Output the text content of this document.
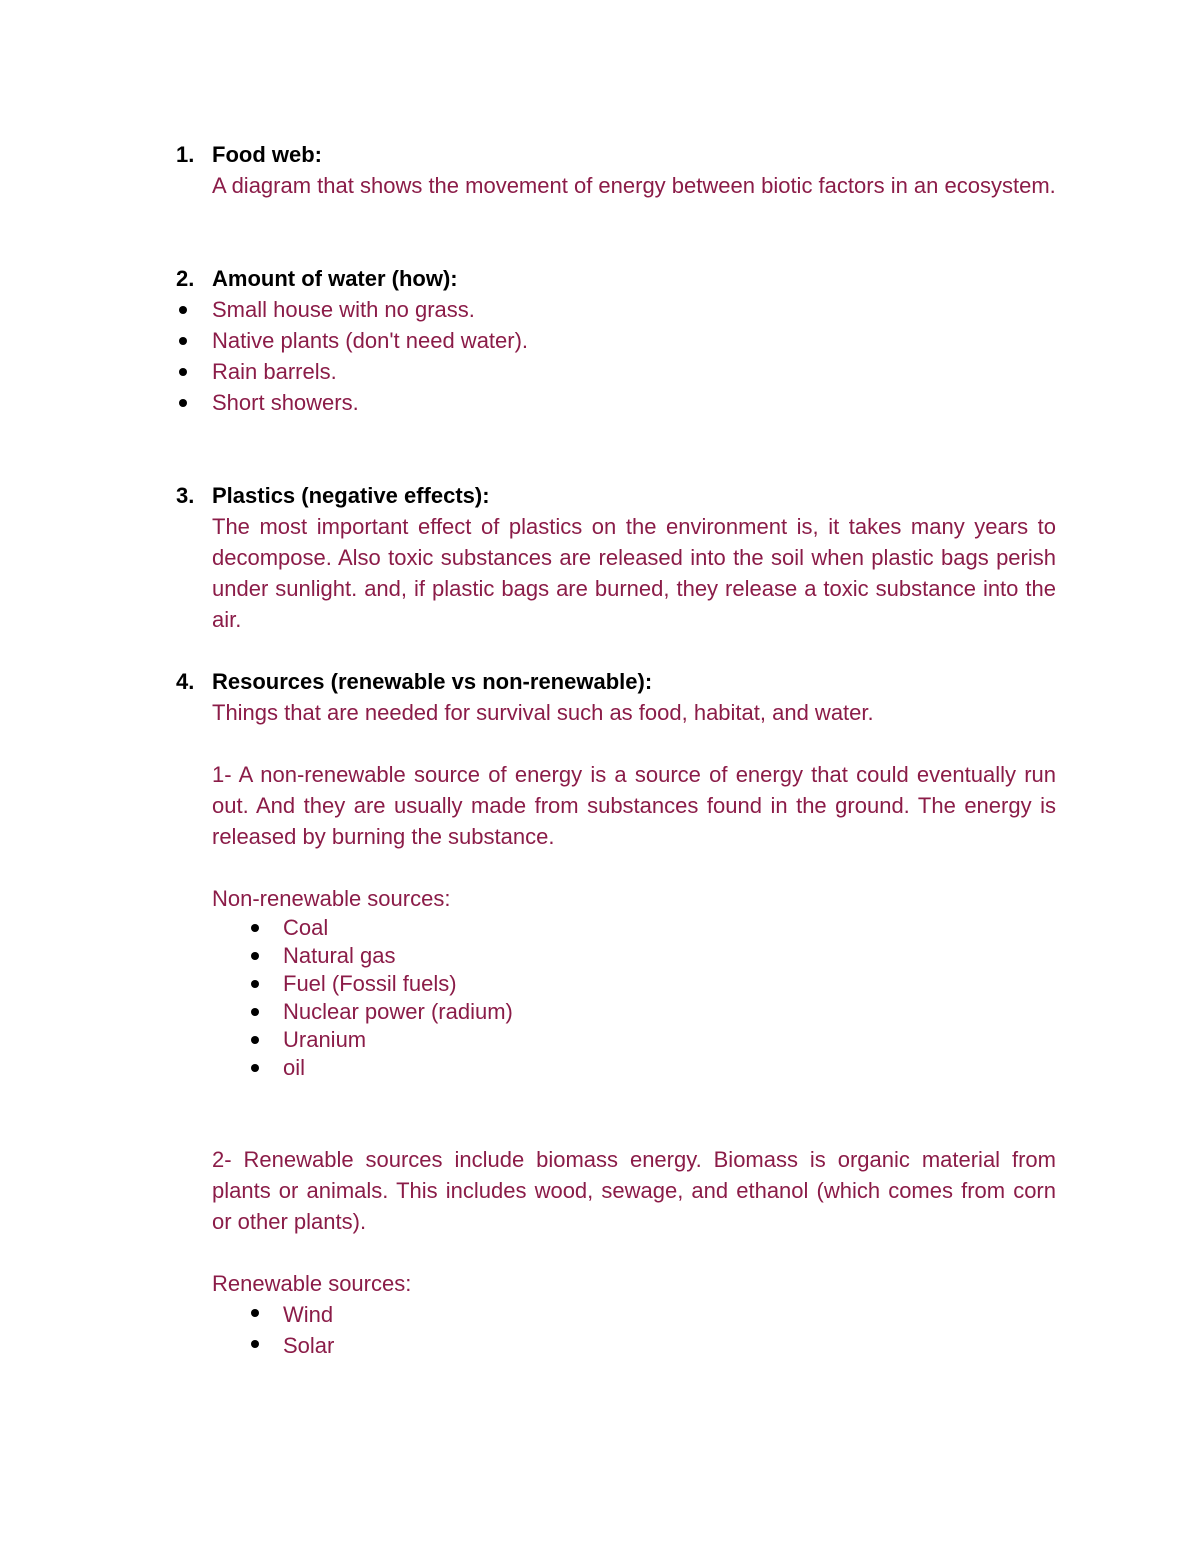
1. Food web:
A diagram that shows the movement of energy between biotic factors in an ecosystem.
2. Amount of water (how):
Small house with no grass.
Native plants (don't need water).
Rain barrels.
Short showers.
3. Plastics (negative effects):
The most important effect of plastics on the environment is, it takes many years to decompose. Also toxic substances are released into the soil when plastic bags perish under sunlight. and, if plastic bags are burned, they release a toxic substance into the air.
4. Resources (renewable vs non-renewable):
Things that are needed for survival such as food, habitat, and water.
1- A non-renewable source of energy is a source of energy that could eventually run out. And they are usually made from substances found in the ground. The energy is released by burning the substance.
Non-renewable sources:
Coal
Natural gas
Fuel (Fossil fuels)
Nuclear power (radium)
Uranium
oil
2- Renewable sources include biomass energy. Biomass is organic material from plants or animals. This includes wood, sewage, and ethanol (which comes from corn or other plants).
Renewable sources:
Wind
Solar
